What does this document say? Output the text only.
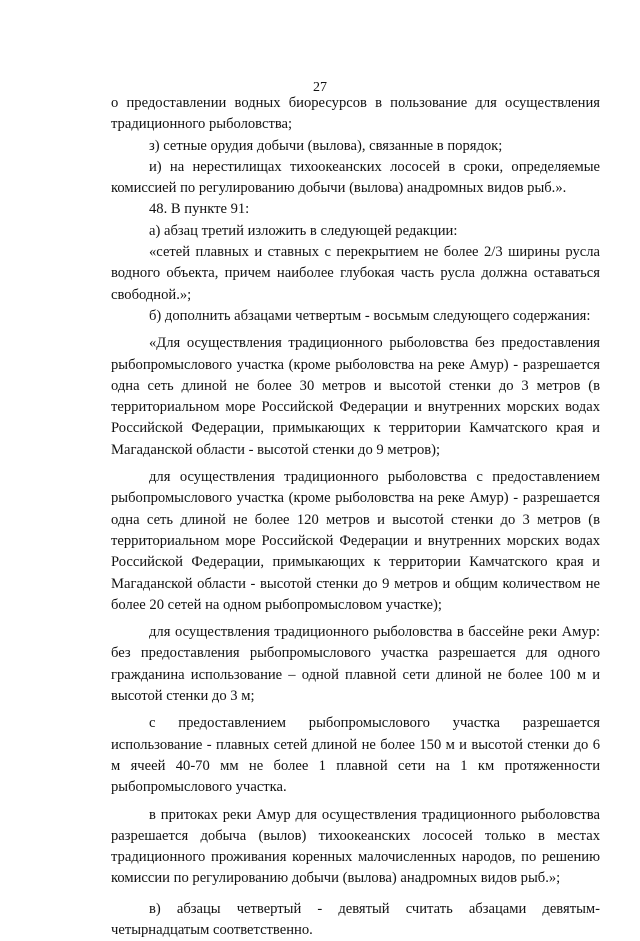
27

о предоставлении водных биоресурсов в пользование для осуществления традиционного рыболовства;

з) сетные орудия добычи (вылова), связанные в порядок;

и) на нерестилищах тихоокеанских лососей в сроки, определяемые комиссией по регулированию добычи (вылова) анадромных видов рыб.».

48. В пункте 91:

а) абзац третий изложить в следующей редакции:

«сетей плавных и ставных с перекрытием не более 2/3 ширины русла водного объекта, причем наиболее глубокая часть русла должна оставаться свободной.»;

б) дополнить абзацами четвертым - восьмым следующего содержания:

«Для осуществления традиционного рыболовства без предоставления рыбопромыслового участка (кроме рыболовства на реке Амур) - разрешается одна сеть длиной не более 30 метров и высотой стенки до 3 метров (в территориальном море Российской Федерации и внутренних морских водах Российской Федерации, примыкающих к территории Камчатского края и Магаданской области - высотой стенки до 9 метров);

для осуществления традиционного рыболовства с предоставлением рыбопромыслового участка (кроме рыболовства на реке Амур) - разрешается одна сеть длиной не более 120 метров и высотой стенки до 3 метров (в территориальном море Российской Федерации и внутренних морских водах Российской Федерации, примыкающих к территории Камчатского края и Магаданской области - высотой стенки до 9 метров и общим количеством не более 20 сетей на одном рыбопромысловом участке);

для осуществления традиционного рыболовства в бассейне реки Амур: без предоставления рыбопромыслового участка разрешается для одного гражданина использование – одной плавной сети длиной не более 100 м и высотой стенки до 3 м;

с предоставлением рыбопромыслового участка разрешается использование - плавных сетей длиной не более 150 м и высотой стенки до 6 м ячеей 40-70 мм не более 1 плавной сети на 1 км протяженности рыбопромыслового участка.

в притоках реки Амур для осуществления традиционного рыболовства разрешается добыча (вылов) тихоокеанских лососей только в местах традиционного проживания коренных малочисленных народов, по решению комиссии по регулированию добычи (вылова) анадромных видов рыб.»;

в) абзацы четвертый - девятый считать абзацами девятым-четырнадцатым соответственно.
